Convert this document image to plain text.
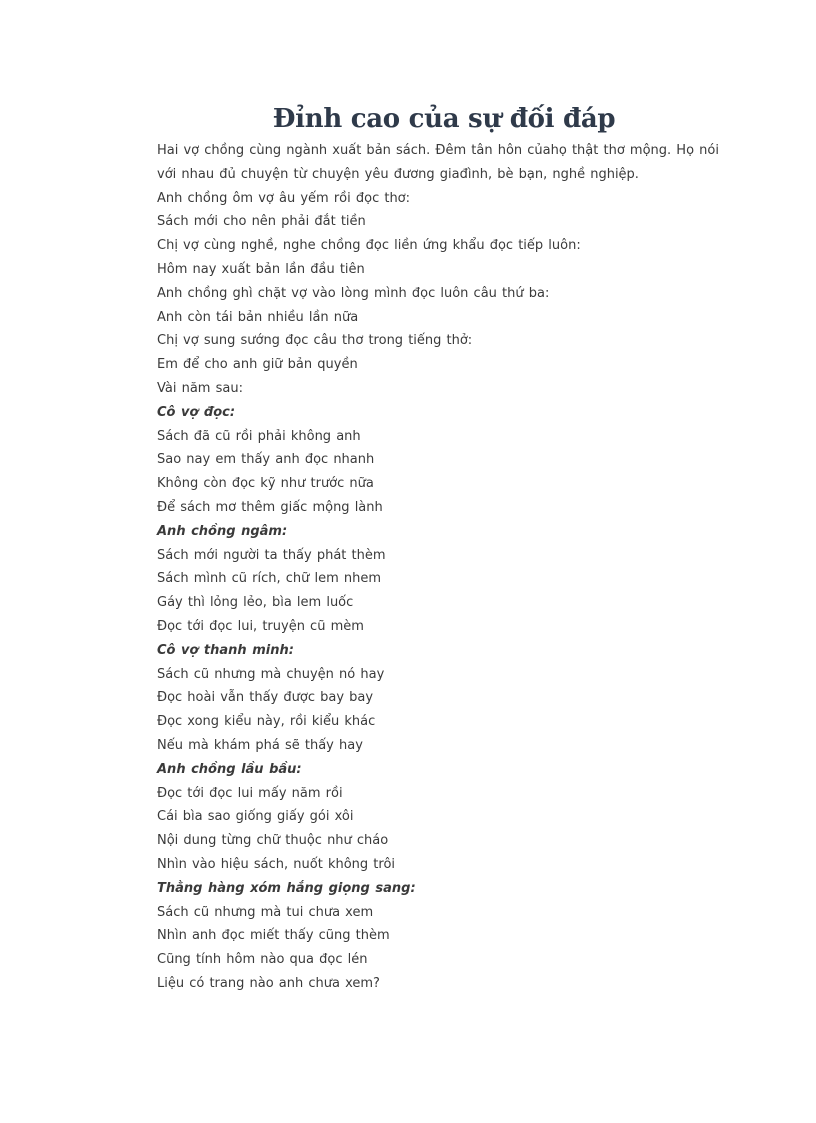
Đỉnh cao của sự đối đáp
Hai vợ chồng cùng ngành xuất bản sách. Đêm tân hôn củahọ thật thơ mộng. Họ nói
với nhau đủ chuyện từ chuyện yêu đương giađình, bè bạn, nghề nghiệp.
Anh chồng ôm vợ âu yếm rồi đọc thơ:
Sách mới cho nên phải đắt tiền
Chị vợ cùng nghề, nghe chồng đọc liền ứng khẩu đọc tiếp luôn:
Hôm nay xuất bản lần đầu tiên
Anh chồng ghì chặt vợ vào lòng mình đọc luôn câu thứ ba:
Anh còn tái bản nhiều lần nữa
Chị vợ sung sướng đọc câu thơ trong tiếng thở:
Em để cho anh giữ bản quyền
Vài năm sau:
Cô vợ đọc:
Sách đã cũ rồi phải không anh
Sao nay em thấy anh đọc nhanh
Không còn đọc kỹ như trước nữa
Để sách mơ thêm giấc mộng lành
Anh chồng ngâm:
Sách mới người ta thấy phát thèm
Sách mình cũ rích, chữ lem nhem
Gáy thì lỏng lẻo, bìa lem luốc
Đọc tới đọc lui, truyện cũ mèm
Cô vợ thanh minh:
Sách cũ nhưng mà chuyện nó hay
Đọc hoài vẫn thấy được bay bay
Đọc xong kiểu này, rồi kiểu khác
Nếu mà khám phá sẽ thấy hay
Anh chồng lầu bầu:
Đọc tới đọc lui mấy năm rồi
Cái bìa sao giống giấy gói xôi
Nội dung từng chữ thuộc như cháo
Nhìn vào hiệu sách, nuốt không trôi
Thằng hàng xóm hắng giọng sang:
Sách cũ nhưng mà tui chưa xem
Nhìn anh đọc miết thấy cũng thèm
Cũng tính hôm nào qua đọc lén
Liệu có trang nào anh chưa xem?
